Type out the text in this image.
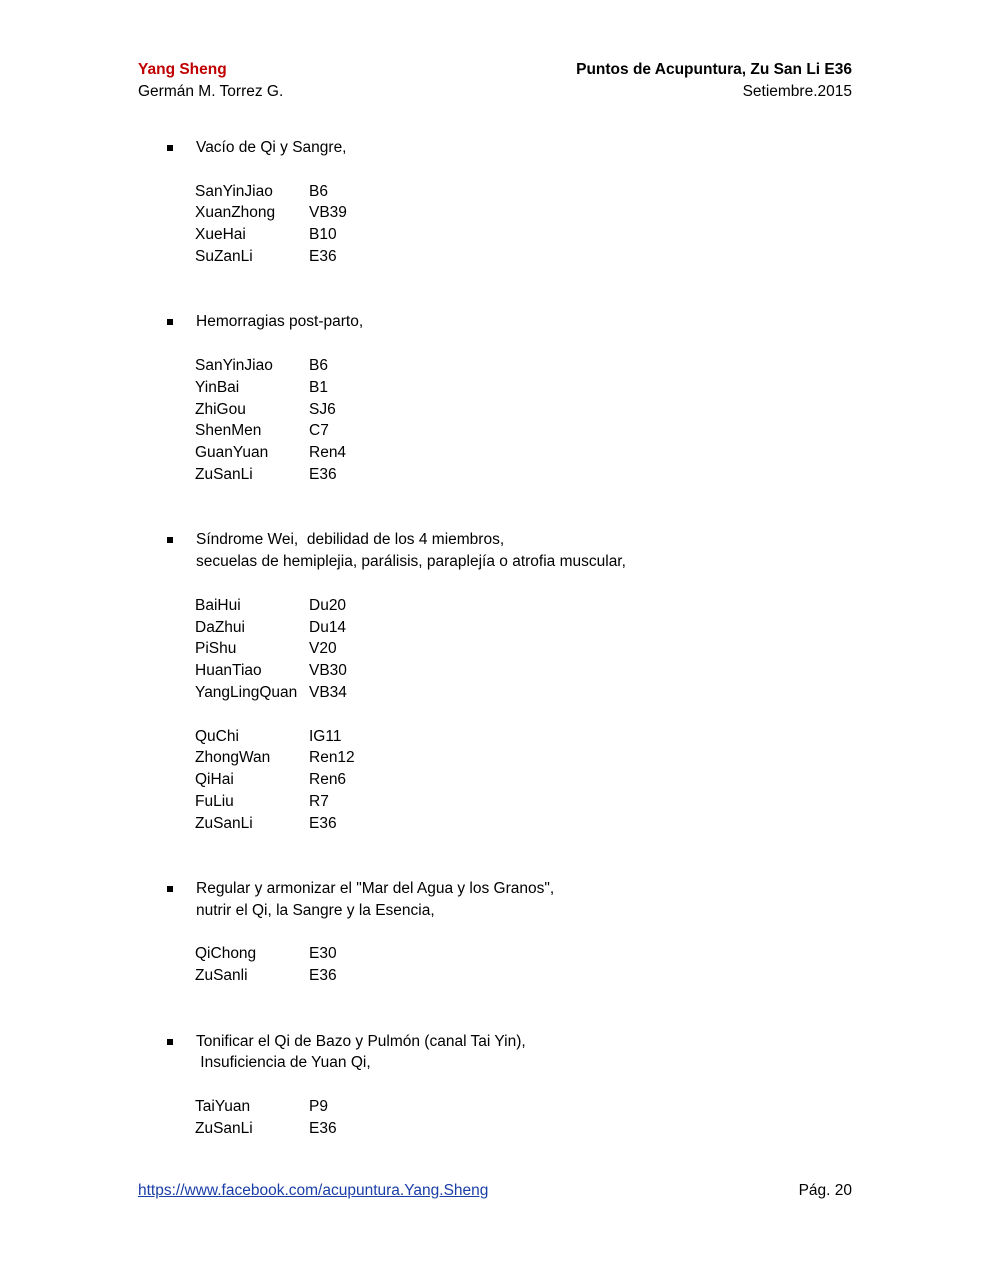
Yang Sheng
Germán M. Torrez G.
Puntos de Acupuntura, Zu San Li E36
Setiembre.2015
Vacío de Qi y Sangre,
SanYinJiao	B6
XuanZhong	VB39
XueHai	B10
SuZanLi	E36
Hemorragias post-parto,
SanYinJiao	B6
YinBai	B1
ZhiGou	SJ6
ShenMen	C7
GuanYuan	Ren4
ZuSanLi	E36
Síndrome Wei,  debilidad de los 4 miembros,
secuelas de hemiplejia, parálisis, paraplejía o atrofia muscular,
BaiHui	Du20
DaZhui	Du14
PiShu	V20
HuanTiao	VB30
YangLingQuan VB34
QuChi	IG11
ZhongWan	Ren12
QiHai	Ren6
FuLiu	R7
ZuSanLi	E36
Regular y armonizar el "Mar del Agua y los Granos",
nutrir el Qi, la Sangre y la Esencia,
QiChong	E30
ZuSanli	E36
Tonificar el Qi de Bazo y Pulmón (canal Tai Yin),
Insuficiencia de Yuan Qi,
TaiYuan	P9
ZuSanLi	E36
https://www.facebook.com/acupuntura.Yang.Sheng	Pág. 20
